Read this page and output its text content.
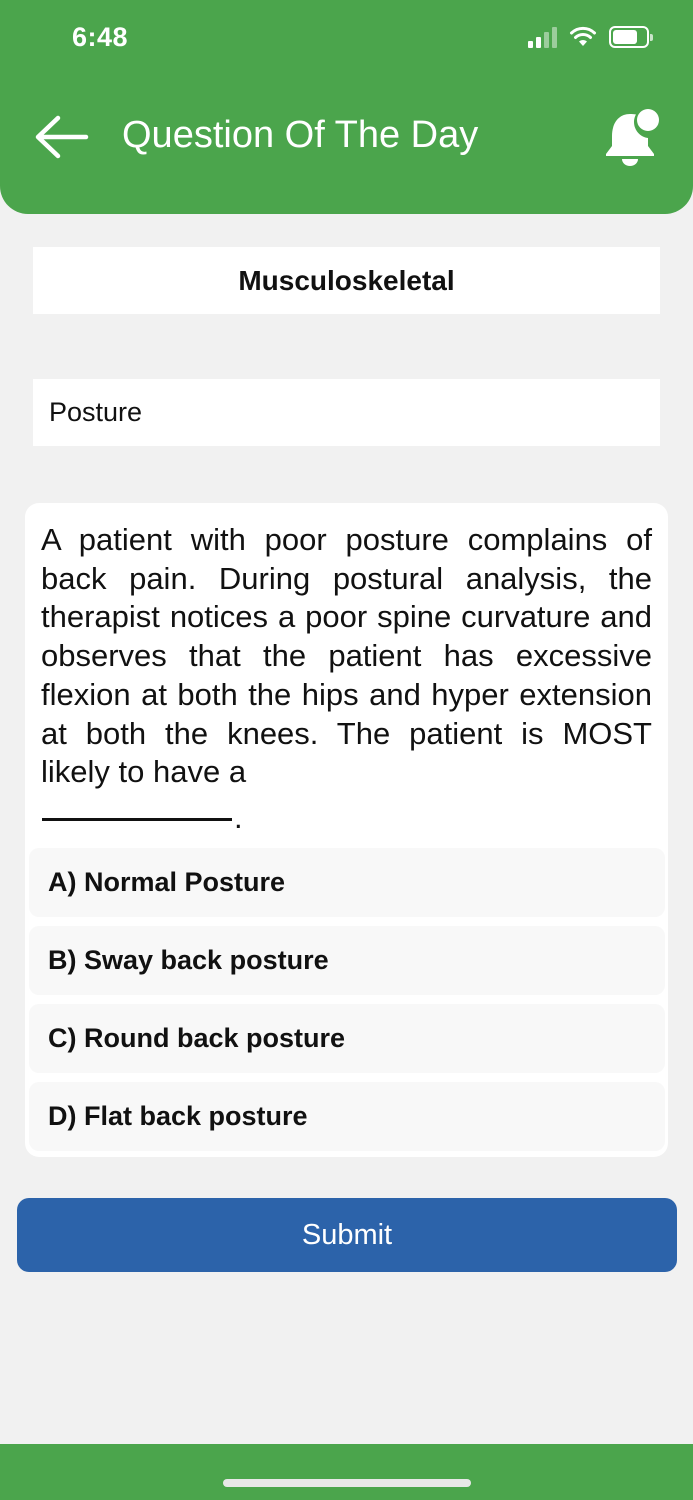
6:48
Question Of The Day
Musculoskeletal
Posture
A patient with poor posture complains of back pain. During postural analysis, the therapist notices a poor spine curvature and observes that the patient has excessive flexion at both the hips and hyper extension at both the knees. The patient is MOST likely to have a
.
A) Normal Posture
B) Sway back posture
C) Round back posture
D) Flat back posture
Submit
